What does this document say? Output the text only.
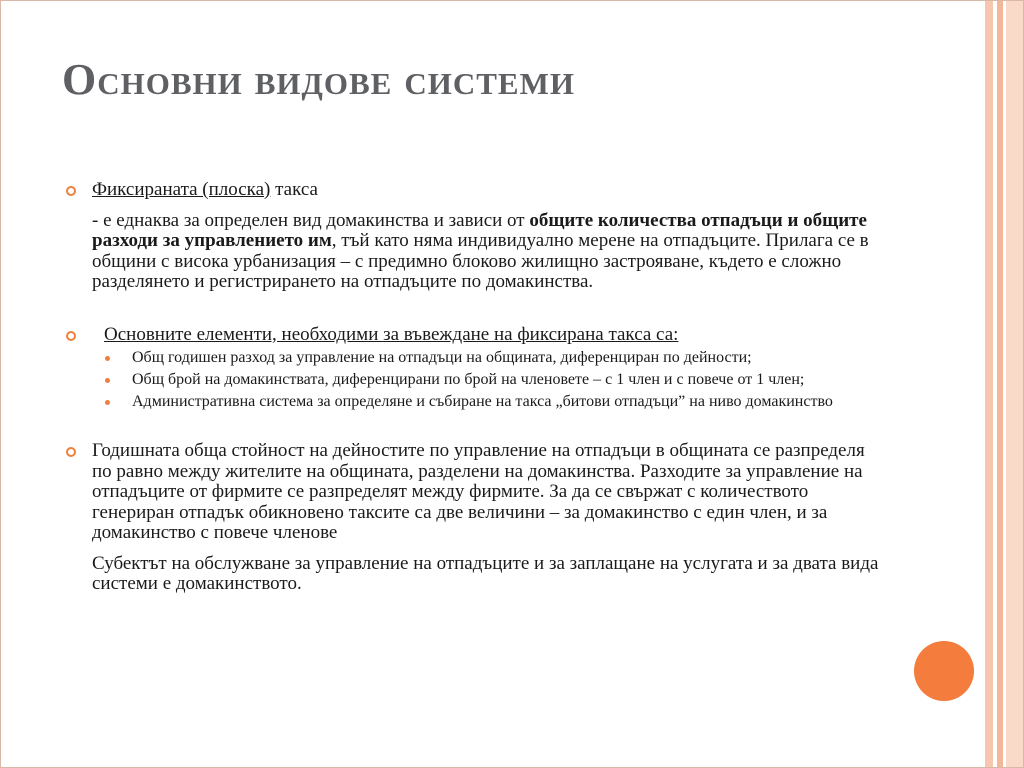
Основни видове системи

Фиксираната (плоска) такса

- е еднаква за определен вид домакинства и зависи от общите количества отпадъци и общите разходи за управлението им, тъй като няма индивидуално мерене на отпадъците. Прилага се в общини с висока урбанизация – с предимно блоково жилищно застрояване, където е сложно разделянето и регистрирането на отпадъците по домакинства.

Основните елементи, необходими за въвеждане на фиксирана такса са:

Общ годишен разход за управление на отпадъци на общината, диференциран по дейности;
Общ брой на домакинствата, диференцирани по брой на членовете – с 1 член и с повече от 1 член;
Административна система за определяне и събиране на такса „битови отпадъци” на ниво домакинство

Годишната обща стойност на дейностите по управление на отпадъци в общината се разпределя по равно между жителите на общината, разделени на домакинства. Разходите за управление на отпадъците от фирмите се разпределят между фирмите. За да се свържат с количеството генериран отпадък обикновено таксите са две величини – за домакинство с един член, и за домакинство с повече членове

Субектът на обслужване за управление на отпадъците и за заплащане на услугата и за двата вида системи е домакинството.
